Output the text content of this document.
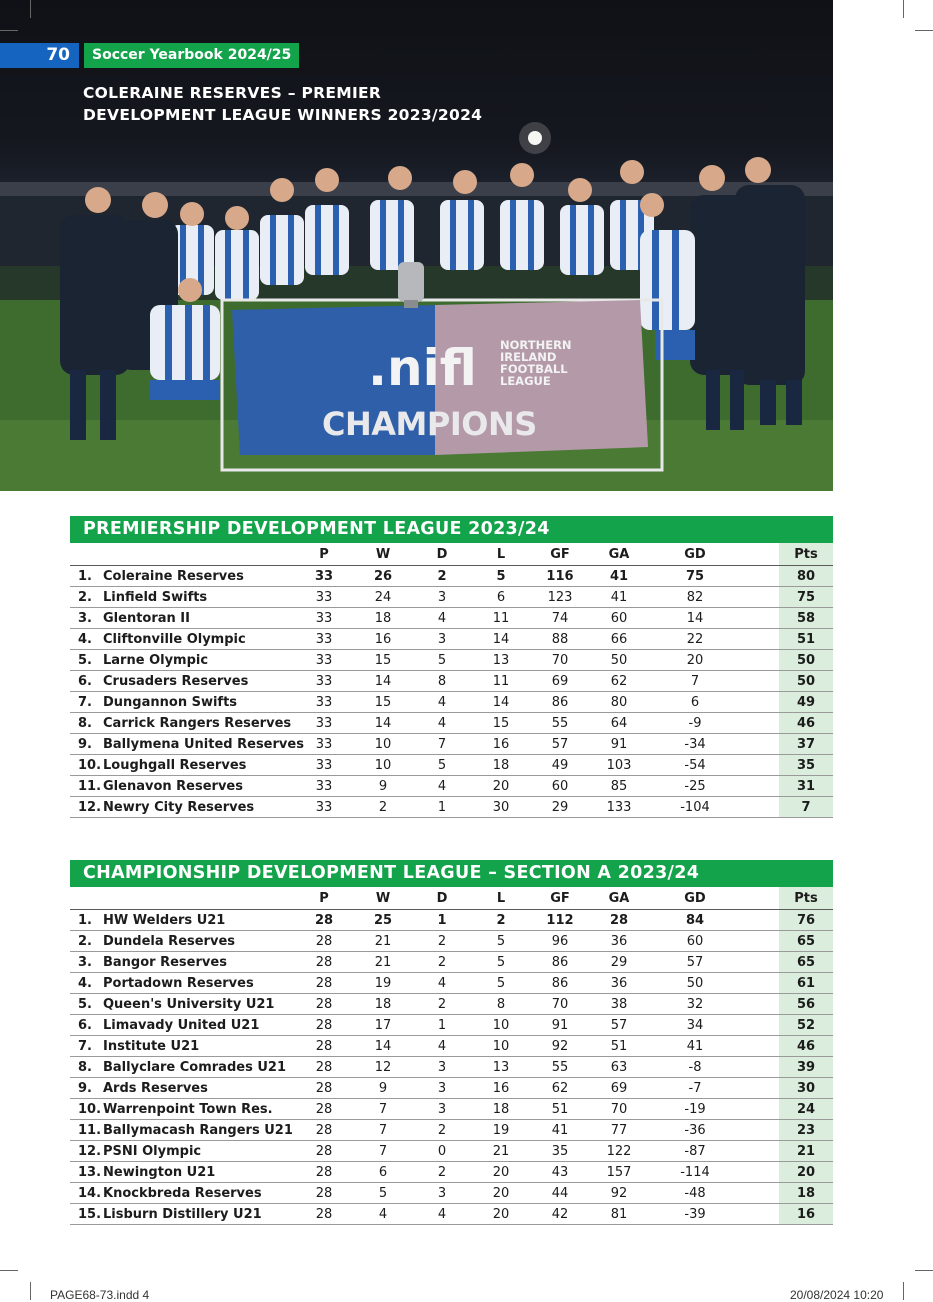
.nifl NORTHERN
IRELAND
FOOTBALL
LEAGUE
CHAMPIONS
70	Soccer Yearbook 2024/25
COLERAINE RESERVES – PREMIER
DEVELOPMENT LEAGUE WINNERS 2023/2024
PREMIERSHIP DEVELOPMENT LEAGUE 2023/24
		P	W	D	L	GF	GA	GD		Pts
1.	Coleraine Reserves	33	26	2	5	116	41	75		80
2.	Linfield Swifts	33	24	3	6	123	41	82		75
3.	Glentoran II	33	18	4	11	74	60	14		58
4.	Cliftonville Olympic	33	16	3	14	88	66	22		51
5.	Larne Olympic	33	15	5	13	70	50	20		50
6.	Crusaders Reserves	33	14	8	11	69	62	7		50
7.	Dungannon Swifts	33	15	4	14	86	80	6		49
8.	Carrick Rangers Reserves	33	14	4	15	55	64	-9		46
9.	Ballymena United Reserves	33	10	7	16	57	91	-34		37
10.	Loughgall Reserves	33	10	5	18	49	103	-54		35
11.	Glenavon Reserves	33	9	4	20	60	85	-25		31
12.	Newry City Reserves	33	2	1	30	29	133	-104		7
CHAMPIONSHIP DEVELOPMENT LEAGUE – SECTION A 2023/24
		P	W	D	L	GF	GA	GD		Pts
1.	HW Welders U21	28	25	1	2	112	28	84		76
2.	Dundela Reserves	28	21	2	5	96	36	60		65
3.	Bangor Reserves	28	21	2	5	86	29	57		65
4.	Portadown Reserves	28	19	4	5	86	36	50		61
5.	Queen's University U21	28	18	2	8	70	38	32		56
6.	Limavady United U21	28	17	1	10	91	57	34		52
7.	Institute U21	28	14	4	10	92	51	41		46
8.	Ballyclare Comrades U21	28	12	3	13	55	63	-8		39
9.	Ards Reserves	28	9	3	16	62	69	-7		30
10.	Warrenpoint Town Res.	28	7	3	18	51	70	-19		24
11.	Ballymacash Rangers U21	28	7	2	19	41	77	-36		23
12.	PSNI Olympic	28	7	0	21	35	122	-87		21
13.	Newington U21	28	6	2	20	43	157	-114		20
14.	Knockbreda Reserves	28	5	3	20	44	92	-48		18
15.	Lisburn Distillery U21	28	4	4	20	42	81	-39		16
PAGE68-73.indd 4	20/08/2024 10:20
